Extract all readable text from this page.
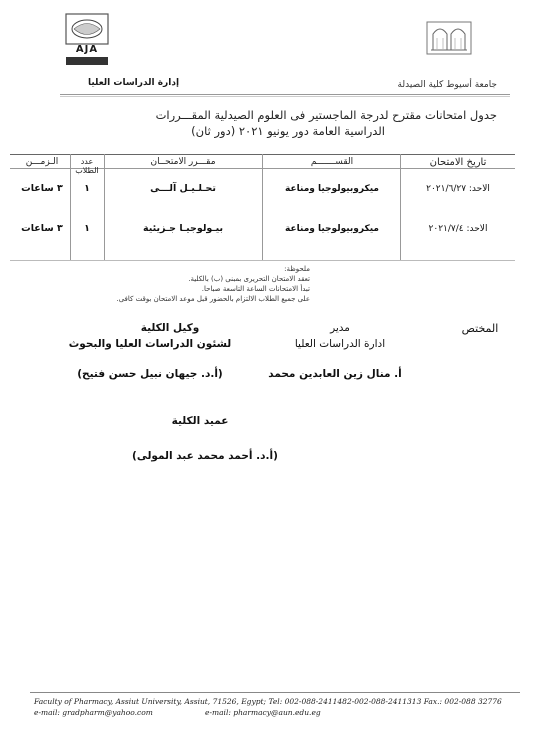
AJA
إدارة الدراسات العليا	جامعة أسيوط كلية الصيدلة
جدول امتحانات مقترح لدرجة الماجستير فى العلوم الصيدلية المقـــررات
الدراسية العامة دور يونيو ٢٠٢١ (دور ثان)
تاريخ الامتحان
القســـــــم
مقـــرر الامتحــان
عدد الطلاب
الـزمـــن
الاحد: ٢٠٢١/٦/٢٧
ميكروبيولوجيا ومناعة
تحـلـيـل آلـــى
١
٣ ساعات
الاحد: ٢٠٢١/٧/٤
ميكروبيولوجيا ومناعة
بيـولوجيـا جـزيئية
١
٣ ساعات
ملحوظة:
تعقد الامتحان التحريرى بمبنى (ب) بالكلية.
تبدأ الامتحانات الساعة التاسعة صباحا.
على جميع الطلاب الالتزام بالحضور قبل موعد الامتحان بوقت كافى.
المختص
مدير
ادارة الدراسات العليا
أ. منال زين العابدين محمد
وكيل الكلية
لشئون الدراسات العليا والبحوث
(أ.د. جيهان نبيل حسن فتيح)
عميد الكلية
(أ.د. أحمد محمد عبد المولى)
Faculty of Pharmacy, Assiut University, Assiut, 71526, Egypt; Tel: 002-088-2411482-002-088-2411313 Fax.: 002-088 32776
e-mail: gradpharm@yahoo.com	e-mail: pharmacy@aun.edu.eg
